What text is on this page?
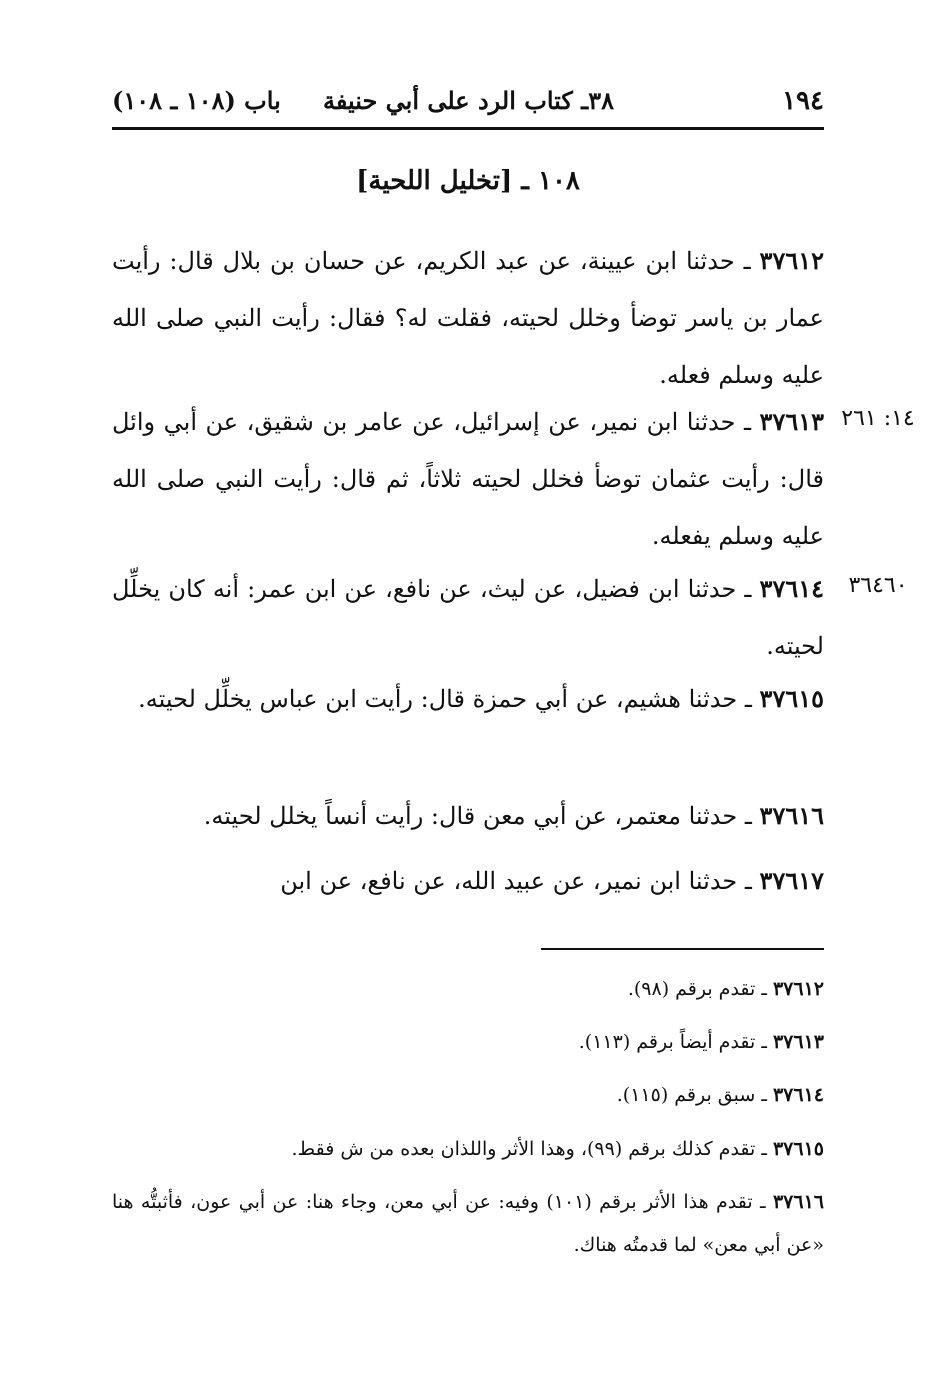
١٩٤
٣٨ـ كتاب الرد على أبي حنيفة
باب (١٠٨ ـ ١٠٨)
١٠٨ ـ [تخليل اللحية]
٣٧٦١٢ ـ حدثنا ابن عيينة، عن عبد الكريم، عن حسان بن بلال قال: رأيت عمار بن ياسر توضأ وخلل لحيته، فقلت له؟ فقال: رأيت النبي صلى الله عليه وسلم فعله.
١٤: ٢٦١
٣٧٦١٣ ـ حدثنا ابن نمير، عن إسرائيل، عن عامر بن شقيق، عن أبي وائل قال: رأيت عثمان توضأ فخلل لحيته ثلاثاً، ثم قال: رأيت النبي صلى الله عليه وسلم يفعله.
٣٦٤٦٠
٣٧٦١٤ ـ حدثنا ابن فضيل، عن ليث، عن نافع، عن ابن عمر: أنه كان يخلِّل لحيته.
٣٧٦١٥ ـ حدثنا هشيم، عن أبي حمزة قال: رأيت ابن عباس يخلِّل لحيته.
٣٧٦١٦ ـ حدثنا معتمر، عن أبي معن قال: رأيت أنساً يخلل لحيته.
٣٧٦١٧ ـ حدثنا ابن نمير، عن عبيد الله، عن نافع، عن ابن
٣٧٦١٢ ـ تقدم برقم (٩٨).
٣٧٦١٣ ـ تقدم أيضاً برقم (١١٣).
٣٧٦١٤ ـ سبق برقم (١١٥).
٣٧٦١٥ ـ تقدم كذلك برقم (٩٩)، وهذا الأثر واللذان بعده من ش فقط.
٣٧٦١٦ ـ تقدم هذا الأثر برقم (١٠١) وفيه: عن أبي معن، وجاء هنا: عن أبي عون، فأثبتُّه هنا «عن أبي معن» لما قدمتُه هناك.
